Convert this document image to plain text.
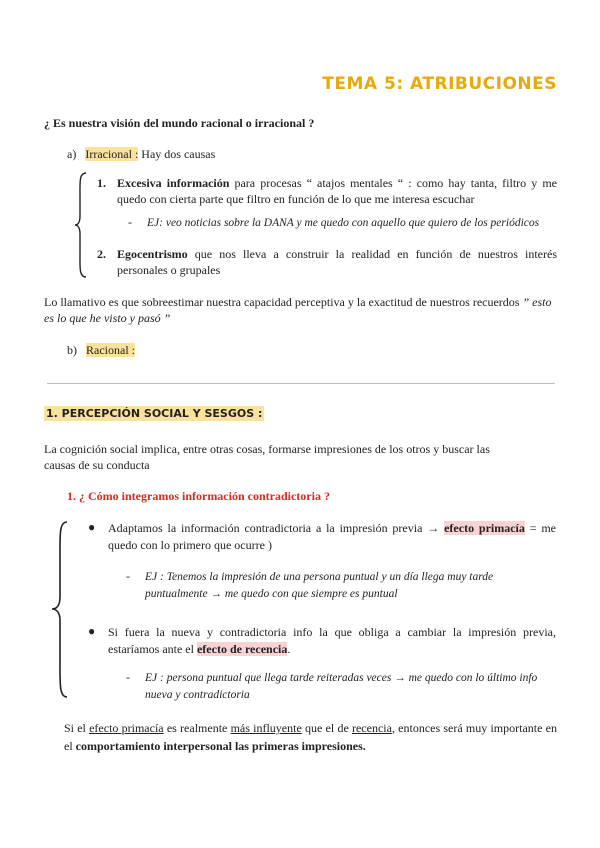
TEMA 5: ATRIBUCIONES
¿ Es nuestra visión del mundo racional o irracional ?
a) Irracional : Hay dos causas
1. Excesiva información para procesas “ atajos mentales “ : como hay tanta, filtro y me quedo con cierta parte que filtro en función de lo que me interesa escuchar
- EJ: veo noticias sobre la DANA y me quedo con aquello que quiero de los periódicos
2. Egocentrismo que nos lleva a construir la realidad en función de nuestros interés personales o grupales
Lo llamativo es que sobreestimar nuestra capacidad perceptiva y la exactitud de nuestros recuerdos ” esto es lo que he visto y pasó ”
b) Racional :
1. PERCEPCIÓN SOCIAL Y SESGOS :
La cognición social implica, entre otras cosas, formarse impresiones de los otros y buscar las causas de su conducta
1. ¿ Cómo integramos información contradictoria ?
● Adaptamos la información contradictoria a la impresión previa → efecto primacía = me quedo con lo primero que ocurre )
- EJ : Tenemos la impresión de una persona puntual y un día llega muy tarde puntualmente → me quedo con que siempre es puntual
● Si fuera la nueva y contradictoria info la que obliga a cambiar la impresión previa, estaríamos ante el efecto de recencia.
- EJ : persona puntual que llega tarde reiteradas veces → me quedo con lo último info nueva y contradictoria
Si el efecto primacía es realmente más influyente que el de recencia, entonces será muy importante en el comportamiento interpersonal las primeras impresiones.
